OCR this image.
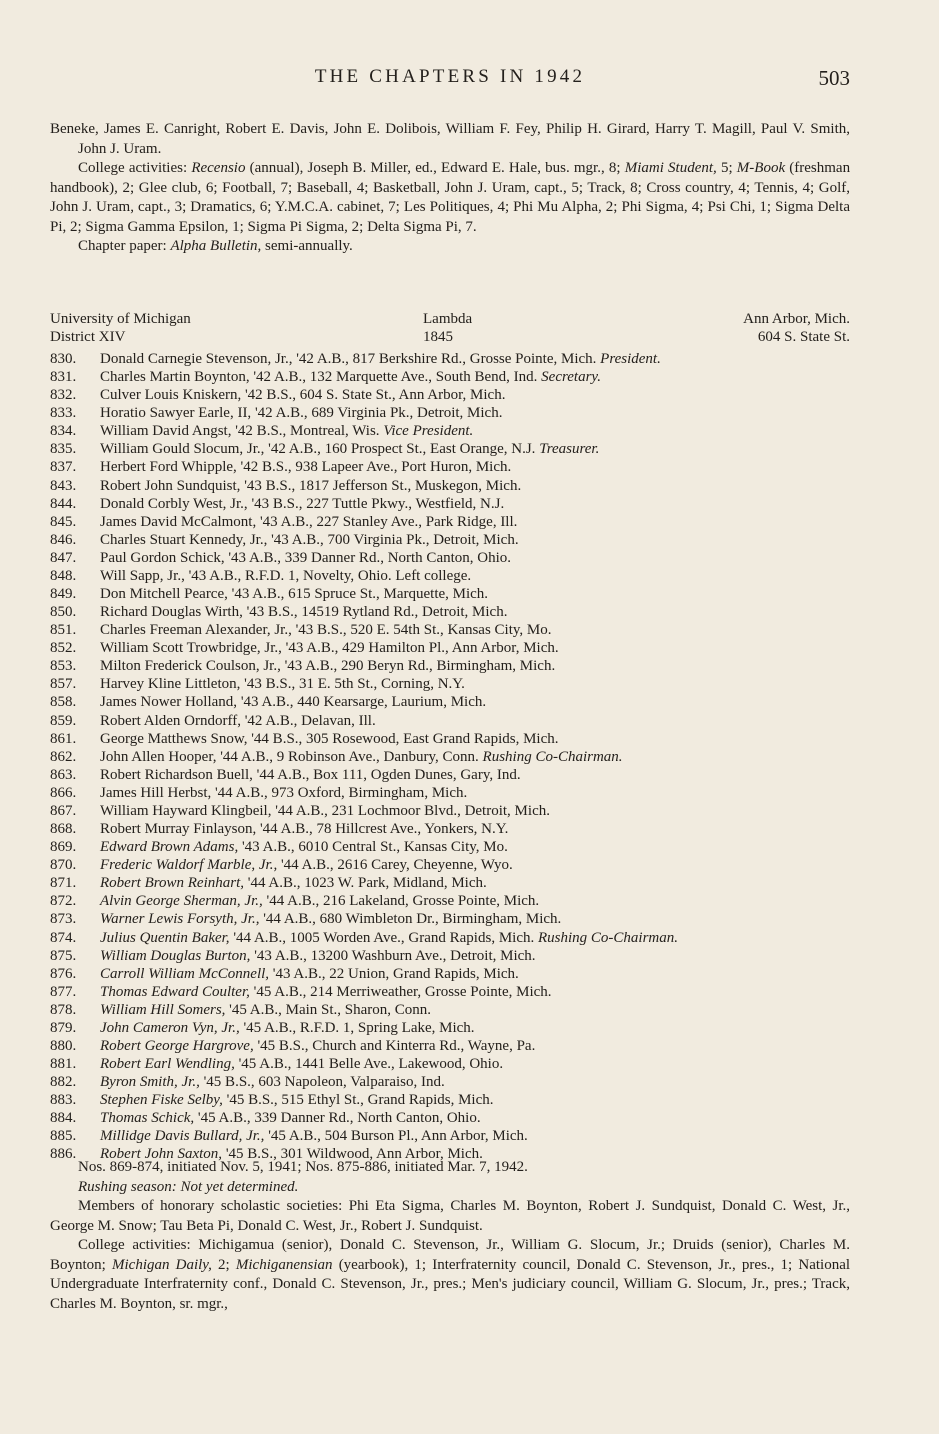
THE CHAPTERS IN 1942	503

Beneke, James E. Canright, Robert E. Davis, John E. Dolibois, William F. Fey, Philip H. Girard, Harry T. Magill, Paul V. Smith, John J. Uram.

College activities: Recensio (annual), Joseph B. Miller, ed., Edward E. Hale, bus. mgr., 8; Miami Student, 5; M-Book (freshman handbook), 2; Glee club, 6; Football, 7; Baseball, 4; Basketball, John J. Uram, capt., 5; Track, 8; Cross country, 4; Tennis, 4; Golf, John J. Uram, capt., 3; Dramatics, 6; Y.M.C.A. cabinet, 7; Les Politiques, 4; Phi Mu Alpha, 2; Phi Sigma, 4; Psi Chi, 1; Sigma Delta Pi, 2; Sigma Gamma Epsilon, 1; Sigma Pi Sigma, 2; Delta Sigma Pi, 7.

Chapter paper: Alpha Bulletin, semi-annually.

University of Michigan	Lambda	Ann Arbor, Mich.
District XIV	1845	604 S. State St.
830.	Donald Carnegie Stevenson, Jr., '42 A.B., 817 Berkshire Rd., Grosse Pointe, Mich. President.
831.	Charles Martin Boynton, '42 A.B., 132 Marquette Ave., South Bend, Ind. Secretary.
832.	Culver Louis Kniskern, '42 B.S., 604 S. State St., Ann Arbor, Mich.
833.	Horatio Sawyer Earle, II, '42 A.B., 689 Virginia Pk., Detroit, Mich.
834.	William David Angst, '42 B.S., Montreal, Wis. Vice President.
835.	William Gould Slocum, Jr., '42 A.B., 160 Prospect St., East Orange, N.J. Treasurer.
837.	Herbert Ford Whipple, '42 B.S., 938 Lapeer Ave., Port Huron, Mich.
843.	Robert John Sundquist, '43 B.S., 1817 Jefferson St., Muskegon, Mich.
844.	Donald Corbly West, Jr., '43 B.S., 227 Tuttle Pkwy., Westfield, N.J.
845.	James David McCalmont, '43 A.B., 227 Stanley Ave., Park Ridge, Ill.
846.	Charles Stuart Kennedy, Jr., '43 A.B., 700 Virginia Pk., Detroit, Mich.
847.	Paul Gordon Schick, '43 A.B., 339 Danner Rd., North Canton, Ohio.
848.	Will Sapp, Jr., '43 A.B., R.F.D. 1, Novelty, Ohio. Left college.
849.	Don Mitchell Pearce, '43 A.B., 615 Spruce St., Marquette, Mich.
850.	Richard Douglas Wirth, '43 B.S., 14519 Rytland Rd., Detroit, Mich.
851.	Charles Freeman Alexander, Jr., '43 B.S., 520 E. 54th St., Kansas City, Mo.
852.	William Scott Trowbridge, Jr., '43 A.B., 429 Hamilton Pl., Ann Arbor, Mich.
853.	Milton Frederick Coulson, Jr., '43 A.B., 290 Beryn Rd., Birmingham, Mich.
857.	Harvey Kline Littleton, '43 B.S., 31 E. 5th St., Corning, N.Y.
858.	James Nower Holland, '43 A.B., 440 Kearsarge, Laurium, Mich.
859.	Robert Alden Orndorff, '42 A.B., Delavan, Ill.
861.	George Matthews Snow, '44 B.S., 305 Rosewood, East Grand Rapids, Mich.
862.	John Allen Hooper, '44 A.B., 9 Robinson Ave., Danbury, Conn. Rushing Co-Chairman.
863.	Robert Richardson Buell, '44 A.B., Box 111, Ogden Dunes, Gary, Ind.
866.	James Hill Herbst, '44 A.B., 973 Oxford, Birmingham, Mich.
867.	William Hayward Klingbeil, '44 A.B., 231 Lochmoor Blvd., Detroit, Mich.
868.	Robert Murray Finlayson, '44 A.B., 78 Hillcrest Ave., Yonkers, N.Y.
869.	Edward Brown Adams, '43 A.B., 6010 Central St., Kansas City, Mo.
870.	Frederic Waldorf Marble, Jr., '44 A.B., 2616 Carey, Cheyenne, Wyo.
871.	Robert Brown Reinhart, '44 A.B., 1023 W. Park, Midland, Mich.
872.	Alvin George Sherman, Jr., '44 A.B., 216 Lakeland, Grosse Pointe, Mich.
873.	Warner Lewis Forsyth, Jr., '44 A.B., 680 Wimbleton Dr., Birmingham, Mich.
874.	Julius Quentin Baker, '44 A.B., 1005 Worden Ave., Grand Rapids, Mich. Rushing Co-Chairman.
875.	William Douglas Burton, '43 A.B., 13200 Washburn Ave., Detroit, Mich.
876.	Carroll William McConnell, '43 A.B., 22 Union, Grand Rapids, Mich.
877.	Thomas Edward Coulter, '45 A.B., 214 Merriweather, Grosse Pointe, Mich.
878.	William Hill Somers, '45 A.B., Main St., Sharon, Conn.
879.	John Cameron Vyn, Jr., '45 A.B., R.F.D. 1, Spring Lake, Mich.
880.	Robert George Hargrove, '45 B.S., Church and Kinterra Rd., Wayne, Pa.
881.	Robert Earl Wendling, '45 A.B., 1441 Belle Ave., Lakewood, Ohio.
882.	Byron Smith, Jr., '45 B.S., 603 Napoleon, Valparaiso, Ind.
883.	Stephen Fiske Selby, '45 B.S., 515 Ethyl St., Grand Rapids, Mich.
884.	Thomas Schick, '45 A.B., 339 Danner Rd., North Canton, Ohio.
885.	Millidge Davis Bullard, Jr., '45 A.B., 504 Burson Pl., Ann Arbor, Mich.
886.	Robert John Saxton, '45 B.S., 301 Wildwood, Ann Arbor, Mich.

Nos. 869-874, initiated Nov. 5, 1941; Nos. 875-886, initiated Mar. 7, 1942.

Rushing season: Not yet determined.

Members of honorary scholastic societies: Phi Eta Sigma, Charles M. Boynton, Robert J. Sundquist, Donald C. West, Jr., George M. Snow; Tau Beta Pi, Donald C. West, Jr., Robert J. Sundquist.

College activities: Michigamua (senior), Donald C. Stevenson, Jr., William G. Slocum, Jr.; Druids (senior), Charles M. Boynton; Michigan Daily, 2; Michiganensian (yearbook), 1; Interfraternity council, Donald C. Stevenson, Jr., pres., 1; National Undergraduate Interfraternity conf., Donald C. Stevenson, Jr., pres.; Men's judiciary council, William G. Slocum, Jr., pres.; Track, Charles M. Boynton, sr. mgr.,
